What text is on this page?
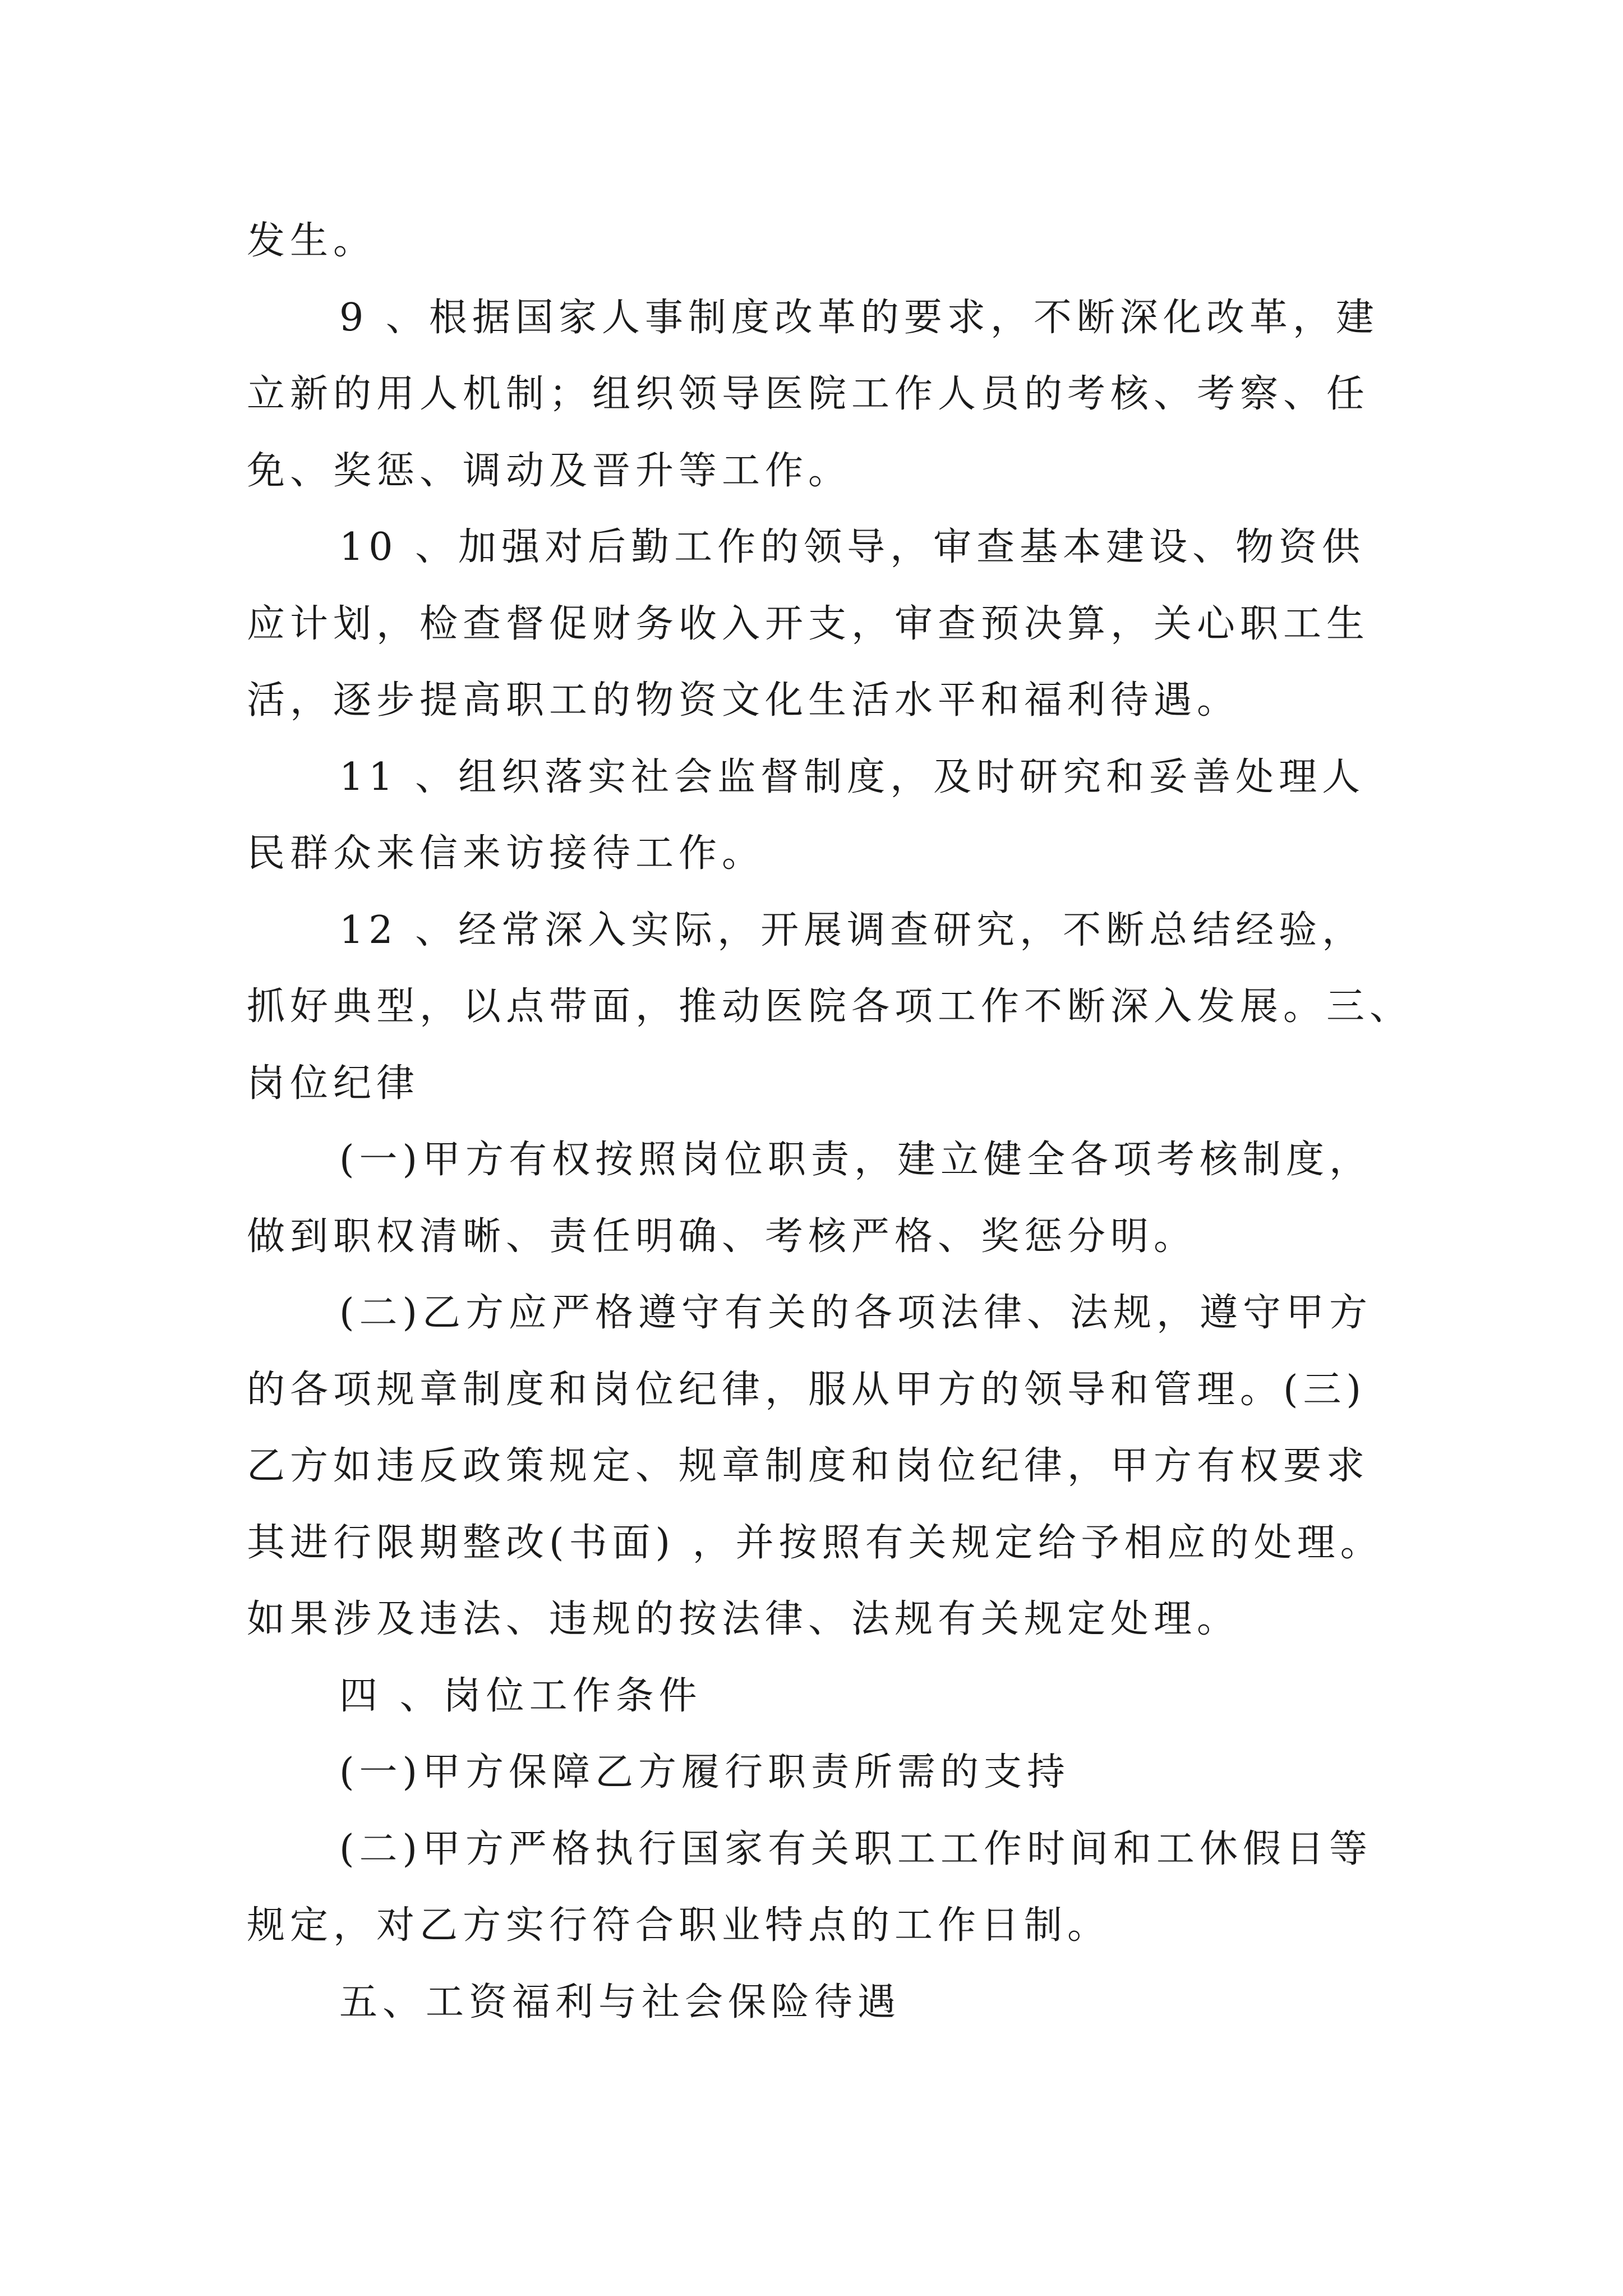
发生。
9 、根据国家人事制度改革的要求，不断深化改革，建
立新的用人机制；组织领导医院工作人员的考核、考察、任
免、奖惩、调动及晋升等工作。
10 、加强对后勤工作的领导，审查基本建设、物资供
应计划，检查督促财务收入开支，审查预决算，关心职工生
活，逐步提高职工的物资文化生活水平和福利待遇。
11 、组织落实社会监督制度，及时研究和妥善处理人
民群众来信来访接待工作。
12 、经常深入实际，开展调查研究，不断总结经验，
抓好典型，以点带面，推动医院各项工作不断深入发展。三、
岗位纪律
(一)甲方有权按照岗位职责，建立健全各项考核制度，
做到职权清晰、责任明确、考核严格、奖惩分明。
(二)乙方应严格遵守有关的各项法律、法规，遵守甲方
的各项规章制度和岗位纪律，服从甲方的领导和管理。(三)
乙方如违反政策规定、规章制度和岗位纪律，甲方有权要求
其进行限期整改(书面) ，并按照有关规定给予相应的处理。
如果涉及违法、违规的按法律、法规有关规定处理。
四 、岗位工作条件
(一)甲方保障乙方履行职责所需的支持
(二)甲方严格执行国家有关职工工作时间和工休假日等
规定，对乙方实行符合职业特点的工作日制。
五、工资福利与社会保险待遇
